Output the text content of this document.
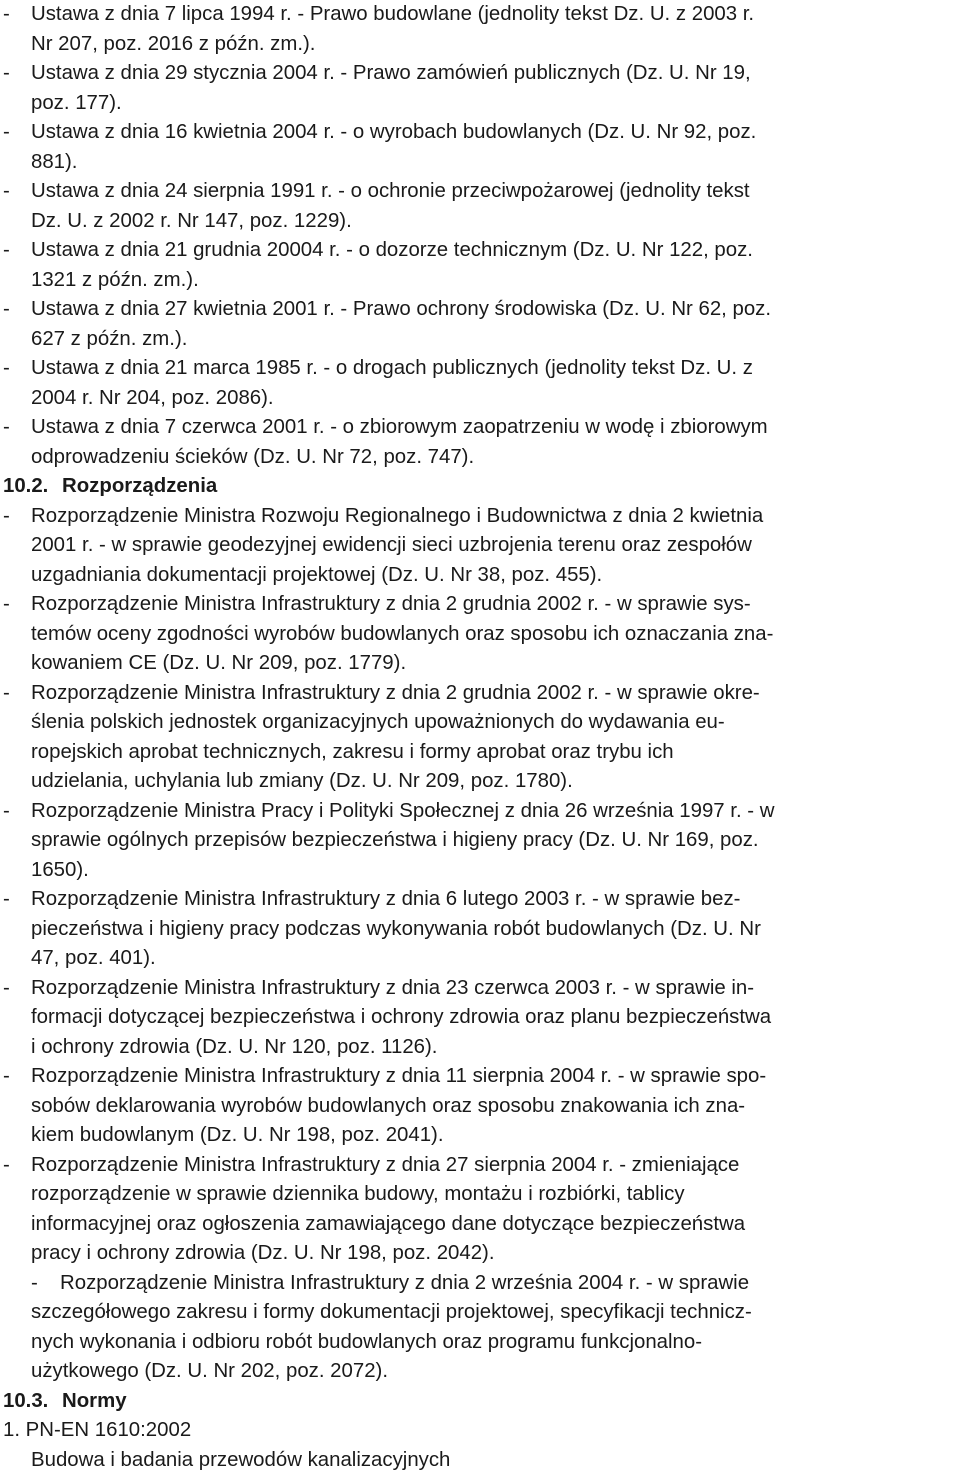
- Ustawa z dnia 7 lipca 1994 r. - Prawo budowlane (jednolity tekst Dz. U. z 2003 r.
Nr 207, poz. 2016 z późn. zm.).
- Ustawa z dnia 29 stycznia 2004 r. - Prawo zamówień publicznych (Dz. U. Nr 19,
poz. 177).
- Ustawa z dnia 16 kwietnia 2004 r. - o wyrobach budowlanych (Dz. U. Nr 92, poz.
881).
- Ustawa z dnia 24 sierpnia 1991 r. - o ochronie przeciwpożarowej (jednolity tekst
Dz. U. z 2002 r. Nr 147, poz. 1229).
- Ustawa z dnia 21 grudnia 20004 r. - o dozorze technicznym (Dz. U. Nr 122, poz.
1321 z późn. zm.).
- Ustawa z dnia 27 kwietnia 2001 r. - Prawo ochrony środowiska (Dz. U. Nr 62, poz.
627 z późn. zm.).
- Ustawa z dnia 21 marca 1985 r. - o drogach publicznych (jednolity tekst Dz. U. z
2004 r. Nr 204, poz. 2086).
- Ustawa z dnia 7 czerwca 2001 r. - o zbiorowym zaopatrzeniu w wodę i zbiorowym
odprowadzeniu ścieków (Dz. U. Nr 72, poz. 747).
10.2. Rozporządzenia
- Rozporządzenie Ministra Rozwoju Regionalnego i Budownictwa z dnia 2 kwietnia
2001 r. - w sprawie geodezyjnej ewidencji sieci uzbrojenia terenu oraz zespołów
uzgadniania dokumentacji projektowej (Dz. U. Nr 38, poz. 455).
- Rozporządzenie Ministra Infrastruktury z dnia 2 grudnia 2002 r. - w sprawie sys-
temów oceny zgodności wyrobów budowlanych oraz sposobu ich oznaczania zna-
kowaniem CE (Dz. U. Nr 209, poz. 1779).
- Rozporządzenie Ministra Infrastruktury z dnia 2 grudnia 2002 r. - w sprawie okre-
ślenia polskich jednostek organizacyjnych upoważnionych do wydawania eu-
ropejskich aprobat technicznych, zakresu i formy aprobat oraz trybu ich
udzielania, uchylania lub zmiany (Dz. U. Nr 209, poz. 1780).
- Rozporządzenie Ministra Pracy i Polityki Społecznej z dnia 26 września 1997 r. - w
sprawie ogólnych przepisów bezpieczeństwa i higieny pracy (Dz. U. Nr 169, poz.
1650).
- Rozporządzenie Ministra Infrastruktury z dnia 6 lutego 2003 r. - w sprawie bez-
pieczeństwa i higieny pracy podczas wykonywania robót budowlanych (Dz. U. Nr
47, poz. 401).
- Rozporządzenie Ministra Infrastruktury z dnia 23 czerwca 2003 r. - w sprawie in-
formacji dotyczącej bezpieczeństwa i ochrony zdrowia oraz planu bezpieczeństwa
i ochrony zdrowia (Dz. U. Nr 120, poz. 1126).
- Rozporządzenie Ministra Infrastruktury z dnia 11 sierpnia 2004 r. - w sprawie spo-
sobów deklarowania wyrobów budowlanych oraz sposobu znakowania ich zna-
kiem budowlanym (Dz. U. Nr 198, poz. 2041).
- Rozporządzenie Ministra Infrastruktury z dnia 27 sierpnia 2004 r. - zmieniające
rozporządzenie w sprawie dziennika budowy, montażu i rozbiórki, tablicy
informacyjnej oraz ogłoszenia zamawiającego dane dotyczące bezpieczeństwa
pracy i ochrony zdrowia (Dz. U. Nr 198, poz. 2042).
- Rozporządzenie Ministra Infrastruktury z dnia 2 września 2004 r. - w sprawie
szczegółowego zakresu i formy dokumentacji projektowej, specyfikacji technicz-
nych wykonania i odbioru robót budowlanych oraz programu funkcjonalno-
użytkowego (Dz. U. Nr 202, poz. 2072).
10.3. Normy
1. PN-EN 1610:2002
Budowa i badania przewodów kanalizacyjnych
